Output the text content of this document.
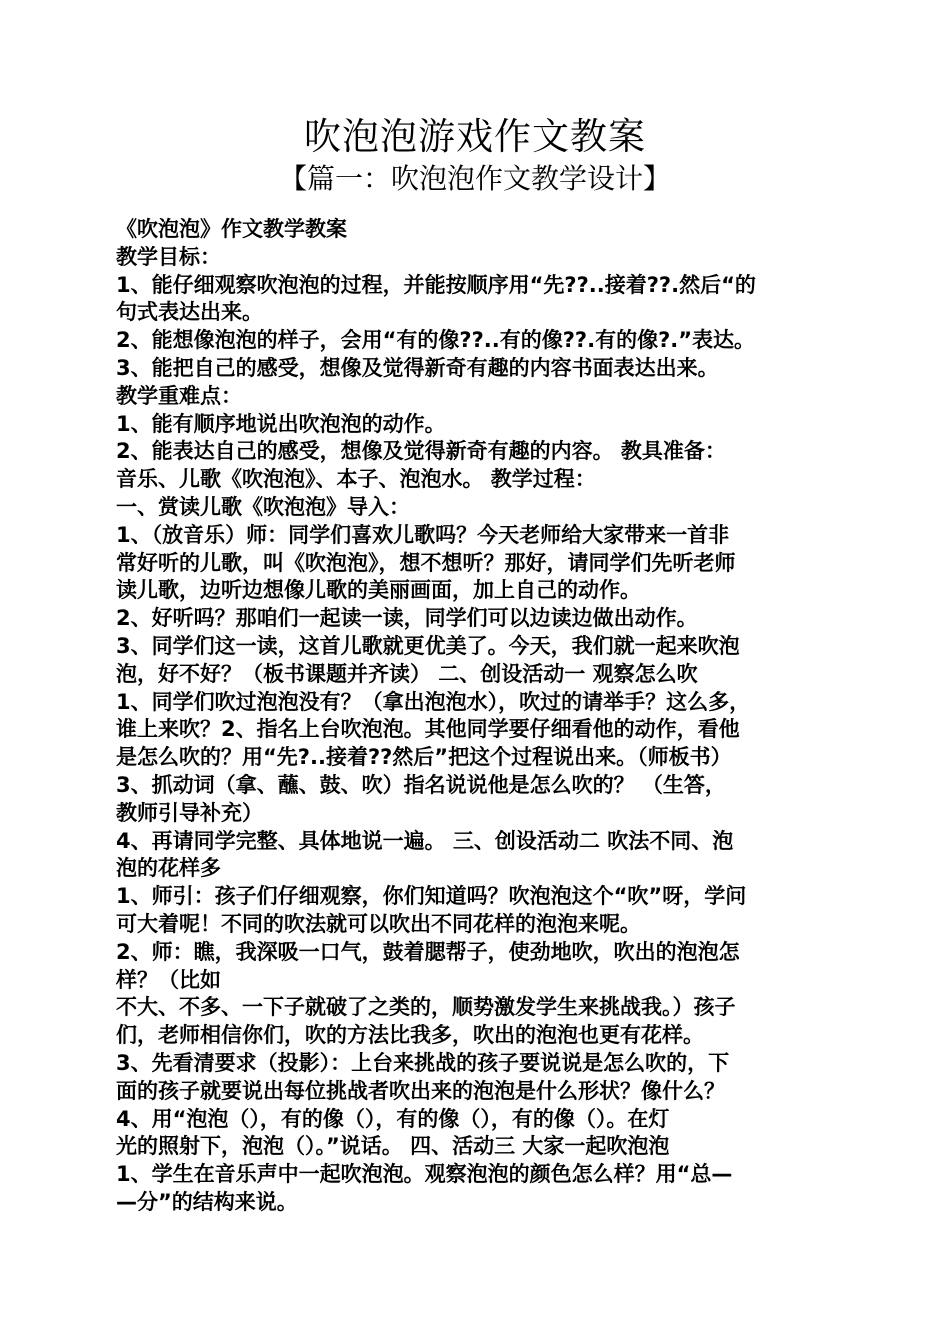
吹泡泡游戏作文教案
【篇一：吹泡泡作文教学设计】
《吹泡泡》作文教学教案
教学目标：
1、能仔细观察吹泡泡的过程，并能按顺序用“先??..接着??.然后“的
句式表达出来。
2、能想像泡泡的样子，会用“有的像??..有的像??.有的像?.”表达。
3、能把自己的感受，想像及觉得新奇有趣的内容书面表达出来。
教学重难点：
1、能有顺序地说出吹泡泡的动作。
2、能表达自己的感受，想像及觉得新奇有趣的内容。 教具准备：
音乐、儿歌《吹泡泡》、本子、泡泡水。 教学过程：
一、赏读儿歌《吹泡泡》导入：
1、（放音乐）师：同学们喜欢儿歌吗？今天老师给大家带来一首非
常好听的儿歌，叫《吹泡泡》，想不想听？那好，请同学们先听老师
读儿歌，边听边想像儿歌的美丽画面，加上自己的动作。
2、好听吗？那咱们一起读一读，同学们可以边读边做出动作。
3、同学们这一读，这首儿歌就更优美了。今天，我们就一起来吹泡
泡，好不好？（板书课题并齐读） 二、创设活动一 观察怎么吹
1、同学们吹过泡泡没有？（拿出泡泡水），吹过的请举手？这么多，
谁上来吹？2、指名上台吹泡泡。其他同学要仔细看他的动作，看他
是怎么吹的？用“先?..接着??然后”把这个过程说出来。（师板书）
3、抓动词（拿、蘸、鼓、吹）指名说说他是怎么吹的？ （生答，
教师引导补充）
4、再请同学完整、具体地说一遍。 三、创设活动二 吹法不同、泡
泡的花样多
1、师引：孩子们仔细观察，你们知道吗？吹泡泡这个“吹”呀，学问
可大着呢！不同的吹法就可以吹出不同花样的泡泡来呢。
2、师：瞧，我深吸一口气，鼓着腮帮子，使劲地吹，吹出的泡泡怎
样？（比如
不大、不多、一下子就破了之类的，顺势激发学生来挑战我。）孩子
们，老师相信你们，吹的方法比我多，吹出的泡泡也更有花样。
3、先看清要求（投影）：上台来挑战的孩子要说说是怎么吹的，下
面的孩子就要说出每位挑战者吹出来的泡泡是什么形状？像什么？
4、用“泡泡（），有的像（），有的像（），有的像（）。在灯
光的照射下，泡泡（）。”说话。 四、活动三 大家一起吹泡泡
1、学生在音乐声中一起吹泡泡。观察泡泡的颜色怎么样？用“总—
—分”的结构来说。
